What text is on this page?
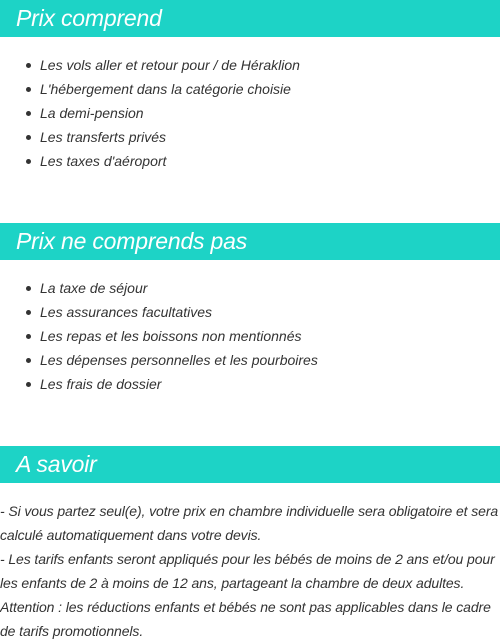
Prix comprend
Les vols aller et retour pour / de Héraklion
L'hébergement dans la catégorie choisie
La demi-pension
Les transferts privés
Les taxes d'aéroport
Prix ne comprends pas
La taxe de séjour
Les assurances facultatives
Les repas et les boissons non mentionnés
Les dépenses personnelles et les pourboires
Les frais de dossier
A savoir

- Si vous partez seul(e), votre prix en chambre individuelle sera obligatoire et sera calculé automatiquement dans votre devis.

- Les tarifs enfants seront appliqués pour les bébés de moins de 2 ans et/ou pour les enfants de 2 à moins de 12 ans, partageant la chambre de deux adultes.

Attention : les réductions enfants et bébés ne sont pas applicables dans le cadre de tarifs promotionnels.
